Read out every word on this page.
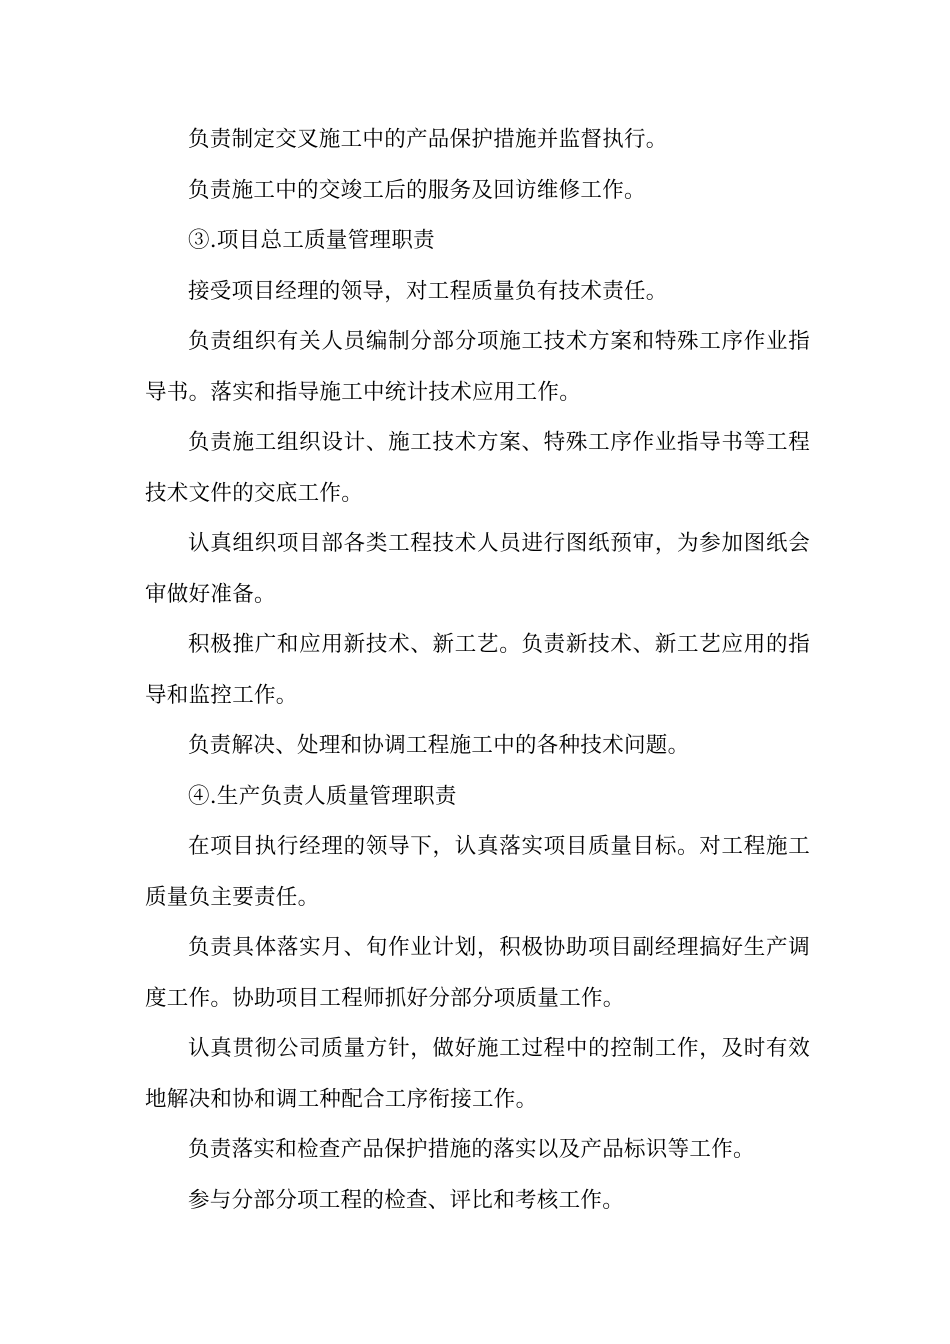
负责制定交叉施工中的产品保护措施并监督执行。

负责施工中的交竣工后的服务及回访维修工作。

③.项目总工质量管理职责

接受项目经理的领导，对工程质量负有技术责任。

负责组织有关人员编制分部分项施工技术方案和特殊工序作业指导书。落实和指导施工中统计技术应用工作。

负责施工组织设计、施工技术方案、特殊工序作业指导书等工程技术文件的交底工作。

认真组织项目部各类工程技术人员进行图纸预审，为参加图纸会审做好准备。

积极推广和应用新技术、新工艺。负责新技术、新工艺应用的指导和监控工作。

负责解决、处理和协调工程施工中的各种技术问题。

④.生产负责人质量管理职责

在项目执行经理的领导下，认真落实项目质量目标。对工程施工质量负主要责任。

负责具体落实月、旬作业计划，积极协助项目副经理搞好生产调度工作。协助项目工程师抓好分部分项质量工作。

认真贯彻公司质量方针，做好施工过程中的控制工作，及时有效地解决和协和调工种配合工序衔接工作。

负责落实和检查产品保护措施的落实以及产品标识等工作。

参与分部分项工程的检查、评比和考核工作。
